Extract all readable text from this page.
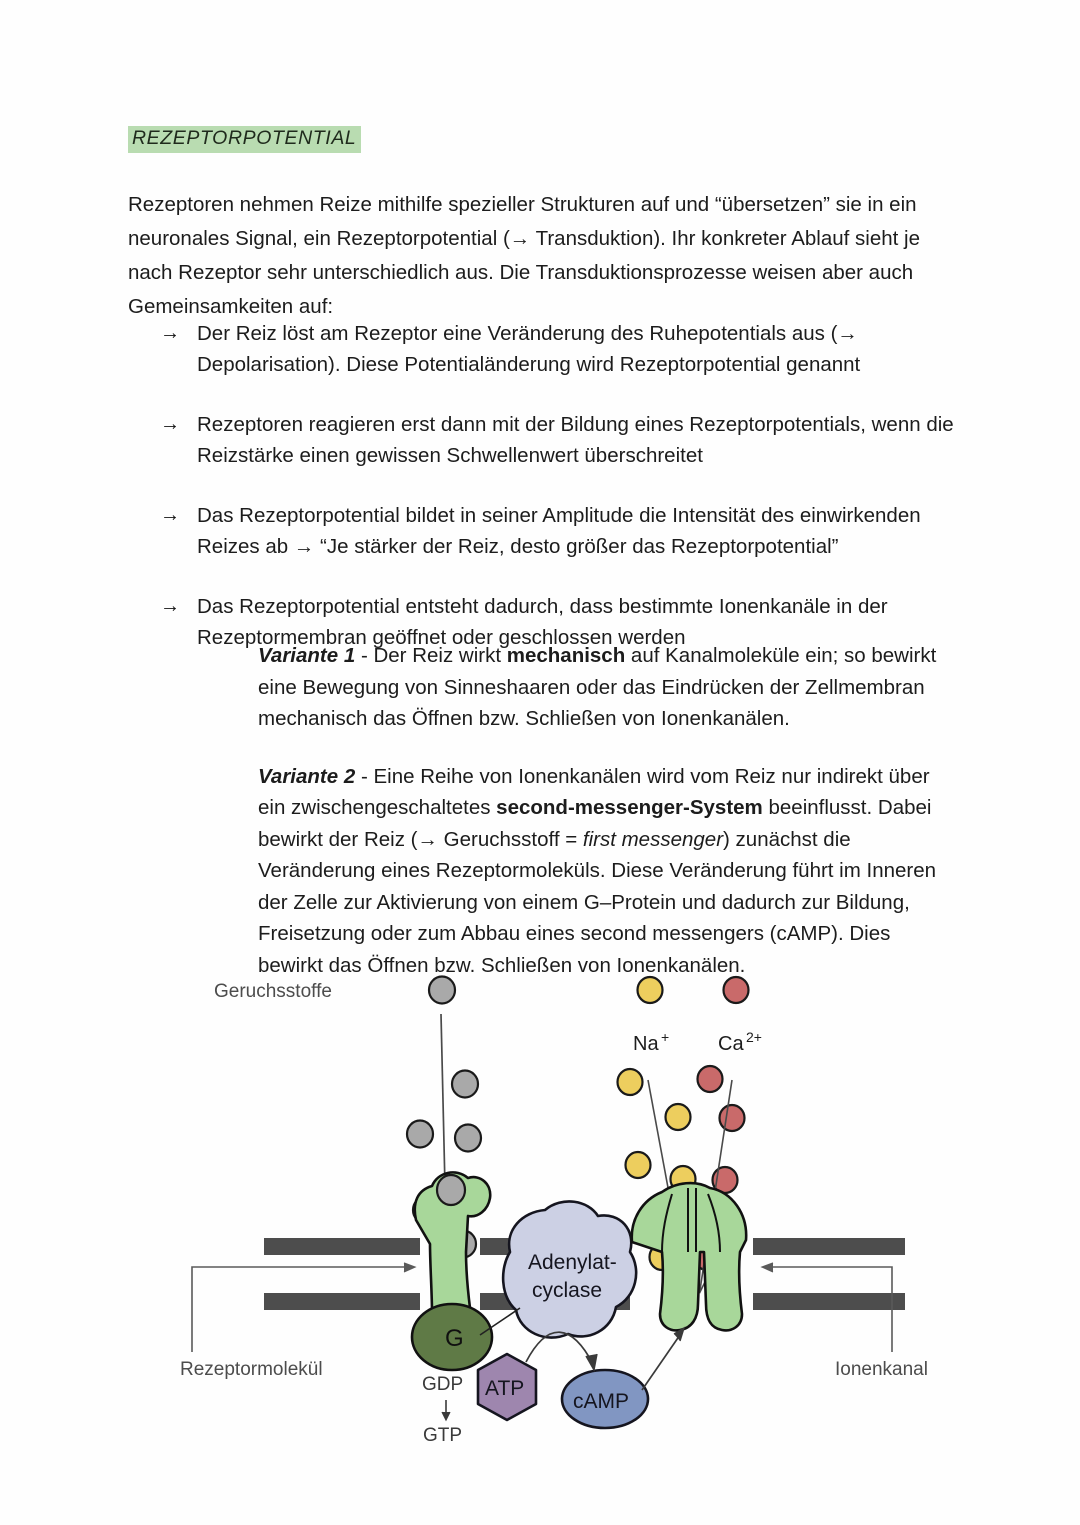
REZEPTORPOTENTIAL
Rezeptoren nehmen Reize mithilfe spezieller Strukturen auf und “übersetzen” sie in ein neuronales Signal, ein Rezeptorpotential (→ Transduktion). Ihr konkreter Ablauf sieht je nach Rezeptor sehr unterschiedlich aus. Die Transduktionsprozesse weisen aber auch Gemeinsamkeiten auf:
→ Der Reiz löst am Rezeptor eine Veränderung des Ruhepotentials aus (→ Depolarisation). Diese Potentialänderung wird Rezeptorpotential genannt
→ Rezeptoren reagieren erst dann mit der Bildung eines Rezeptorpotentials, wenn die Reizstärke einen gewissen Schwellenwert überschreitet
→ Das Rezeptorpotential bildet in seiner Amplitude die Intensität des einwirkenden Reizes ab → “Je stärker der Reiz, desto größer das Rezeptorpotential”
→ Das Rezeptorpotential entsteht dadurch, dass bestimmte Ionenkanäle in der Rezeptormembran geöffnet oder geschlossen werden
Variante 1 - Der Reiz wirkt mechanisch auf Kanalmoleküle ein; so bewirkt eine Bewegung von Sinneshaaren oder das Eindrücken der Zellmembran mechanisch das Öffnen bzw. Schließen von Ionenkanälen.
Variante 2 - Eine Reihe von Ionenkanälen wird vom Reiz nur indirekt über ein zwischengeschaltetes second-messenger-System beeinflusst. Dabei bewirkt der Reiz (→ Geruchsstoff = first messenger) zunächst die Veränderung eines Rezeptormoleküls. Diese Veränderung führt im Inneren der Zelle zur Aktivierung von einem G–Protein und dadurch zur Bildung, Freisetzung oder zum Abbau eines second messengers (cAMP). Dies bewirkt das Öffnen bzw. Schließen von Ionenkanälen.
Geruchsstoffe
Na + Ca 2+
G
Adenylat-
cyclase
ATP
cAMP
GDP
GTP
Rezeptormolekül	Ionenkanal
